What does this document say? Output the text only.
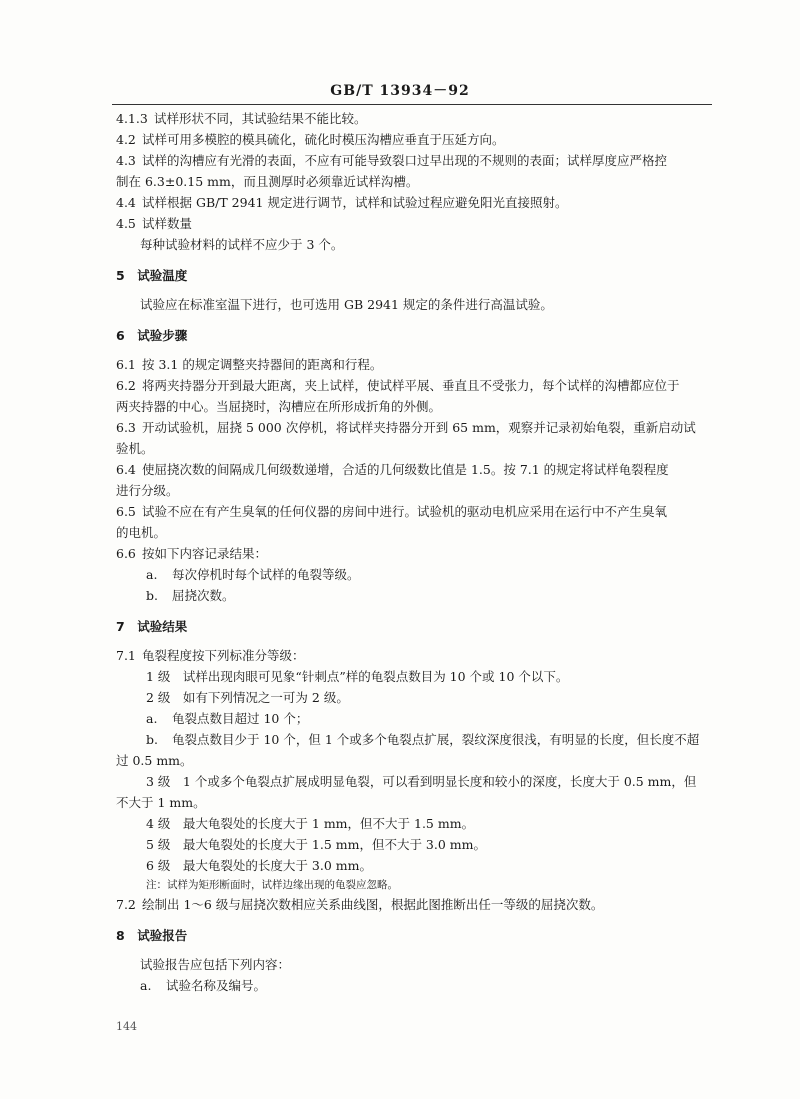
GB/T 13934－92

4.1.3 试样形状不同，其试验结果不能比较。

4.2 试样可用多模腔的模具硫化，硫化时模压沟槽应垂直于压延方向。

4.3 试样的沟槽应有光滑的表面，不应有可能导致裂口过早出现的不规则的表面；试样厚度应严格控

制在 6.3±0.15 mm，而且测厚时必须靠近试样沟槽。

4.4 试样根据 GB/T 2941 规定进行调节，试样和试验过程应避免阳光直接照射。

4.5 试样数量

每种试验材料的试样不应少于 3 个。

5　试验温度

试验应在标准室温下进行，也可选用 GB 2941 规定的条件进行高温试验。

6　试验步骤

6.1 按 3.1 的规定调整夹持器间的距离和行程。

6.2 将两夹持器分开到最大距离，夹上试样，使试样平展、垂直且不受张力，每个试样的沟槽都应位于

两夹持器的中心。当屈挠时，沟槽应在所形成折角的外侧。

6.3 开动试验机，屈挠 5 000 次停机，将试样夹持器分开到 65 mm，观察并记录初始龟裂，重新启动试

验机。

6.4 使屈挠次数的间隔成几何级数递增，合适的几何级数比值是 1.5。按 7.1 的规定将试样龟裂程度

进行分级。

6.5 试验不应在有产生臭氧的任何仪器的房间中进行。试验机的驱动电机应采用在运行中不产生臭氧

的电机。

6.6 按如下内容记录结果：

a. 每次停机时每个试样的龟裂等级。

b. 屈挠次数。

7　试验结果

7.1 龟裂程度按下列标准分等级：

1 级　试样出现肉眼可见象“针刺点”样的龟裂点数目为 10 个或 10 个以下。

2 级　如有下列情况之一可为 2 级。

a. 龟裂点数目超过 10 个；

b. 龟裂点数目少于 10 个，但 1 个或多个龟裂点扩展，裂纹深度很浅，有明显的长度，但长度不超

过 0.5 mm。

3 级　1 个或多个龟裂点扩展成明显龟裂，可以看到明显长度和较小的深度，长度大于 0.5 mm，但

不大于 1 mm。

4 级　最大龟裂处的长度大于 1 mm，但不大于 1.5 mm。

5 级　最大龟裂处的长度大于 1.5 mm，但不大于 3.0 mm。

6 级　最大龟裂处的长度大于 3.0 mm。

注：试样为矩形断面时，试样边缘出现的龟裂应忽略。

7.2 绘制出 1～6 级与屈挠次数相应关系曲线图，根据此图推断出任一等级的屈挠次数。

8　试验报告

试验报告应包括下列内容：

a. 试验名称及编号。

144
